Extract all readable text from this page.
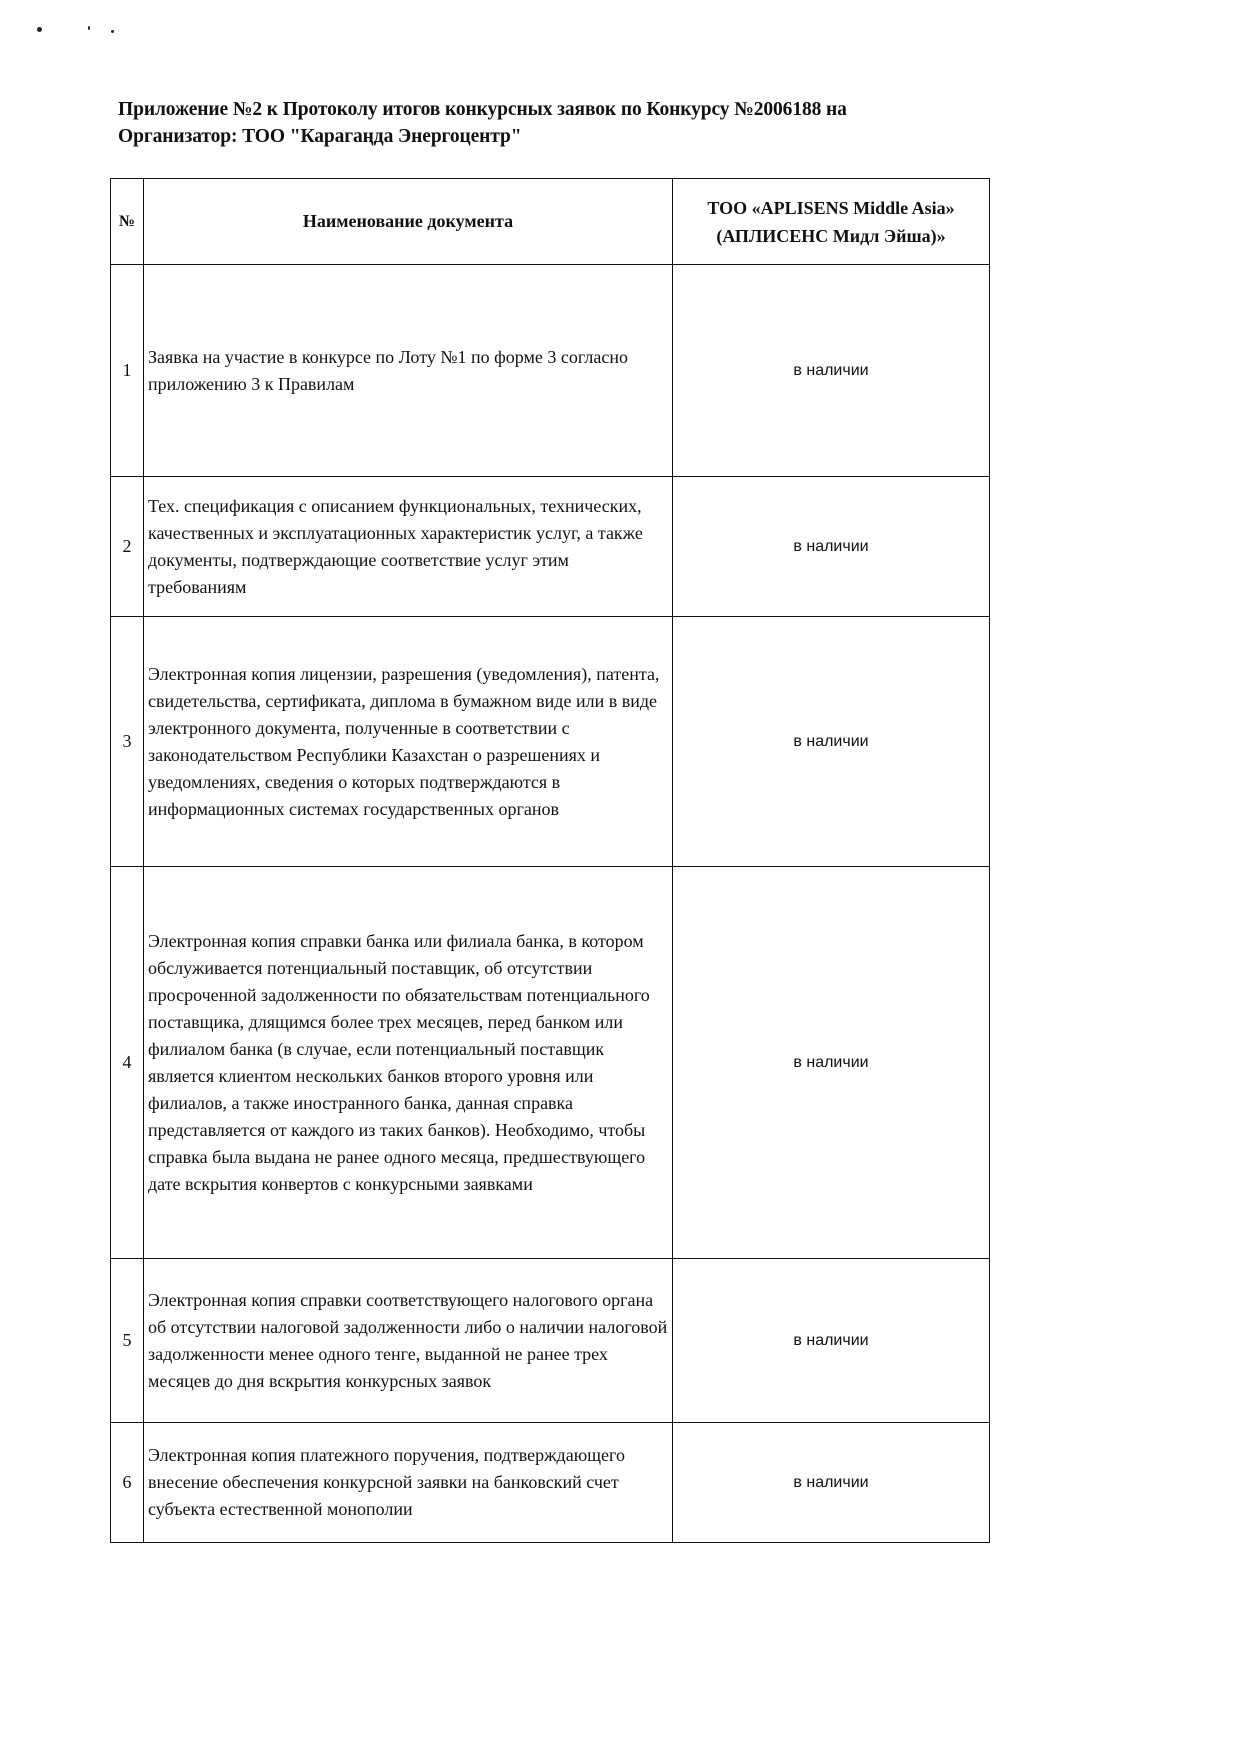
Приложение №2 к Протоколу итогов конкурсных заявок по Конкурсу №2006188 на
Организатор: ТОО "Карагаңда Энергоцентр"
№	Наименование документа	ТОО «APLISENS Middle Asia»
(АПЛИСЕНС Мидл Эйша)»

1	Заявка на участие в конкурсе по Лоту №1 по форме 3 согласно приложению 3 к Правилам	в наличии
2	Тех. спецификация с описанием функциональных, технических, качественных и эксплуатационных характеристик услуг, а также документы, подтверждающие соответствие услуг этим требованиям	в наличии
3	Электронная копия лицензии, разрешения (уведомления), патента, свидетельства, сертификата, диплома в бумажном виде или в виде электронного документа, полученные в соответствии с законодательством Республики Казахстан о разрешениях и уведомлениях, сведения о которых подтверждаются в информационных системах государственных органов	в наличии
4	Электронная копия справки банка или филиала банка, в котором обслуживается потенциальный поставщик, об отсутствии просроченной задолженности по обязательствам потенциального поставщика, длящимся более трех месяцев, перед банком или филиалом банка (в случае, если потенциальный поставщик является клиентом нескольких банков второго уровня или филиалов, а также иностранного банка, данная справка представляется от каждого из таких банков). Необходимо, чтобы справка была выдана не ранее одного месяца, предшествующего дате вскрытия конвертов с конкурсными заявками	в наличии
5	Электронная копия справки соответствующего налогового органа об отсутствии налоговой задолженности либо о наличии налоговой задолженности менее одного тенге, выданной не ранее трех месяцев до дня вскрытия конкурсных заявок	в наличии
6	Электронная копия платежного поручения, подтверждающего внесение обеспечения конкурсной заявки на банковский счет субъекта естественной монополии	в наличии
